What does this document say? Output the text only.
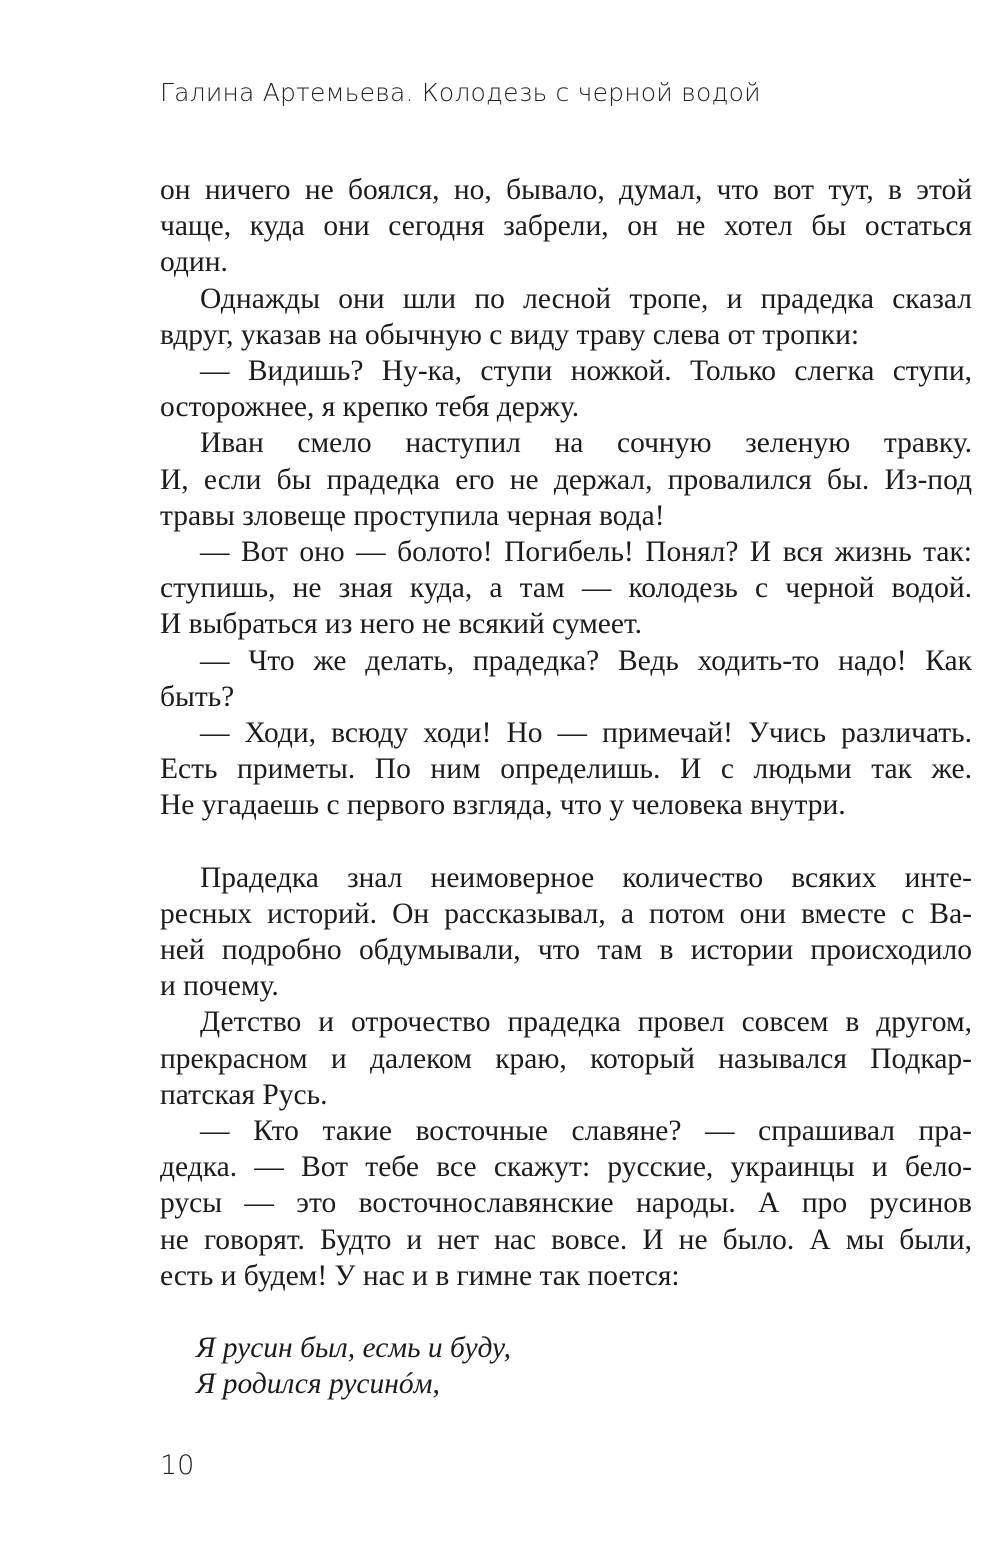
Галина Артемьева. Колодезь с черной водой
он ничего не боялся, но, бывало, думал, что вот тут, в этой
чаще, куда они сегодня забрели, он не хотел бы остаться
один.
Однажды они шли по лесной тропе, и прадедка сказал
вдруг, указав на обычную с виду траву слева от тропки:
— Видишь? Ну-ка, ступи ножкой. Только слегка ступи,
осторожнее, я крепко тебя держу.
Иван смело наступил на сочную зеленую травку.
И, если бы прадедка его не держал, провалился бы. Из-под
травы зловеще проступила черная вода!
— Вот оно — болото! Погибель! Понял? И вся жизнь так:
ступишь, не зная куда, а там — колодезь с черной водой.
И выбраться из него не всякий сумеет.
— Что же делать, прадедка? Ведь ходить-то надо! Как
быть?
— Ходи, всюду ходи! Но — примечай! Учись различать.
Есть приметы. По ним определишь. И с людьми так же.
Не угадаешь с первого взгляда, что у человека внутри.
Прадедка знал неимоверное количество всяких инте-
ресных историй. Он рассказывал, а потом они вместе с Ва-
ней подробно обдумывали, что там в истории происходило
и почему.
Детство и отрочество прадедка провел совсем в другом,
прекрасном и далеком краю, который назывался Подкар-
патская Русь.
— Кто такие восточные славяне? — спрашивал пра-
дедка. — Вот тебе все скажут: русские, украинцы и бело-
русы — это восточнославянские народы. А про русинов
не говорят. Будто и нет нас вовсе. И не было. А мы были,
есть и будем! У нас и в гимне так поется:
Я русин был, есмь и буду,
Я родился русинóм,
10
